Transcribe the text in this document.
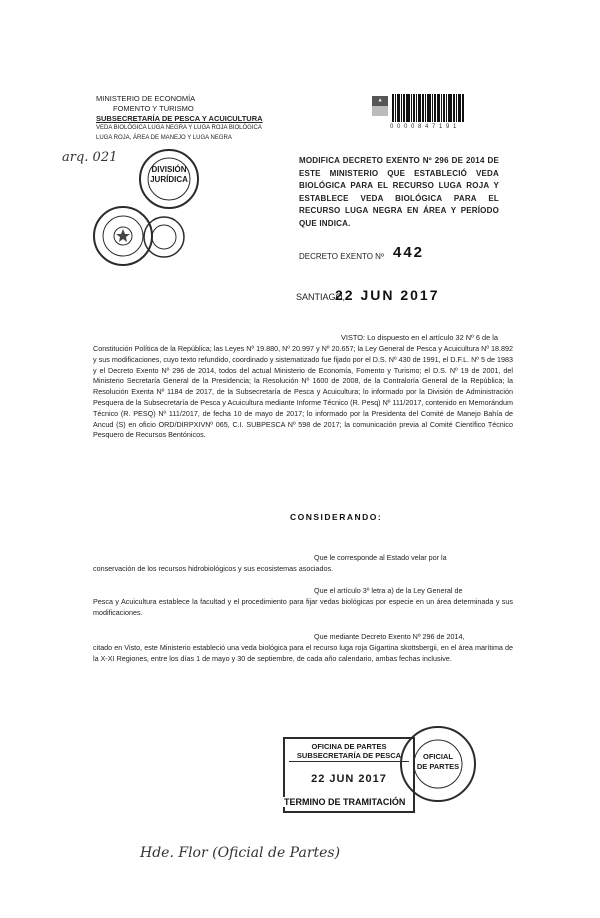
MINISTERIO DE ECONOMÍA
FOMENTO Y TURISMO
SUBSECRETARÍA DE PESCA Y ACUICULTURA
VEDA BIOLÓGICA LUGA NEGRA Y LUGA ROJA BIOLÓGICA
LUGA ROJA, ÁREA DE MANEJO Y LUGA NEGRA
0 0 0 0 8 4 7 1 9 1
arq. 021
DIVISIÓN
JURÍDICA
MODIFICA DECRETO EXENTO Nº 296 DE 2014 DE ESTE MINISTERIO QUE ESTABLECIÓ VEDA BIOLÓGICA PARA EL RECURSO LUGA ROJA Y ESTABLECE VEDA BIOLÓGICA PARA EL RECURSO LUGA NEGRA EN ÁREA Y PERÍODO QUE INDICA.
DECRETO EXENTO Nº 442
SANTIAGO,
22 JUN 2017
VISTO: Lo dispuesto en el artículo 32 Nº 6 de la
Constitución Política de la República; las Leyes Nº 19.880, Nº 20.997 y Nº 20.657; la Ley General de Pesca y Acuicultura Nº 18.892 y sus modificaciones, cuyo texto refundido, coordinado y sistematizado fue fijado por el D.S. Nº 430 de 1991, el D.F.L. Nº 5 de 1983 y el Decreto Exento Nº 296 de 2014, todos del actual Ministerio de Economía, Fomento y Turismo; el D.S. Nº 19 de 2001, del Ministerio Secretaría General de la Presidencia; la Resolución Nº 1600 de 2008, de la Contraloría General de la República; la Resolución Exenta Nº 1184 de 2017, de la Subsecretaría de Pesca y Acuicultura; lo informado por la División de Administración Pesquera de la Subsecretaría de Pesca y Acuicultura mediante Informe Técnico (R. Pesq) Nº 111/2017, contenido en Memorándum Técnico (R. PESQ) Nº 111/2017, de fecha 10 de mayo de 2017; lo informado por la Presidenta del Comité de Manejo Bahía de Ancud (S) en oficio ORD/DIRPXIVNº 065, C.I. SUBPESCA Nº 598 de 2017; la comunicación previa al Comité Científico Técnico Pesquero de Recursos Bentónicos.
CONSIDERANDO:
Que le corresponde al Estado velar por la
conservación de los recursos hidrobiológicos y sus ecosistemas asociados.
Que el artículo 3º letra a) de la Ley General de
Pesca y Acuicultura establece la facultad y el procedimiento para fijar vedas biológicas por especie en un área determinada y sus modificaciones.
Que mediante Decreto Exento Nº 296 de 2014,
citado en Visto, este Ministerio estableció una veda biológica para el recurso luga roja Gigartina skottsbergii, en el área marítima de la X-XI Regiones, entre los días 1 de mayo y 30 de septiembre, de cada año calendario, ambas fechas inclusive.
OFICINA DE PARTES
SUBSECRETARÍA DE PESCA
22 JUN 2017
TERMINO DE TRAMITACIÓN
OFICIAL
DE PARTES
Hde. Flor (Oficial de Partes)
